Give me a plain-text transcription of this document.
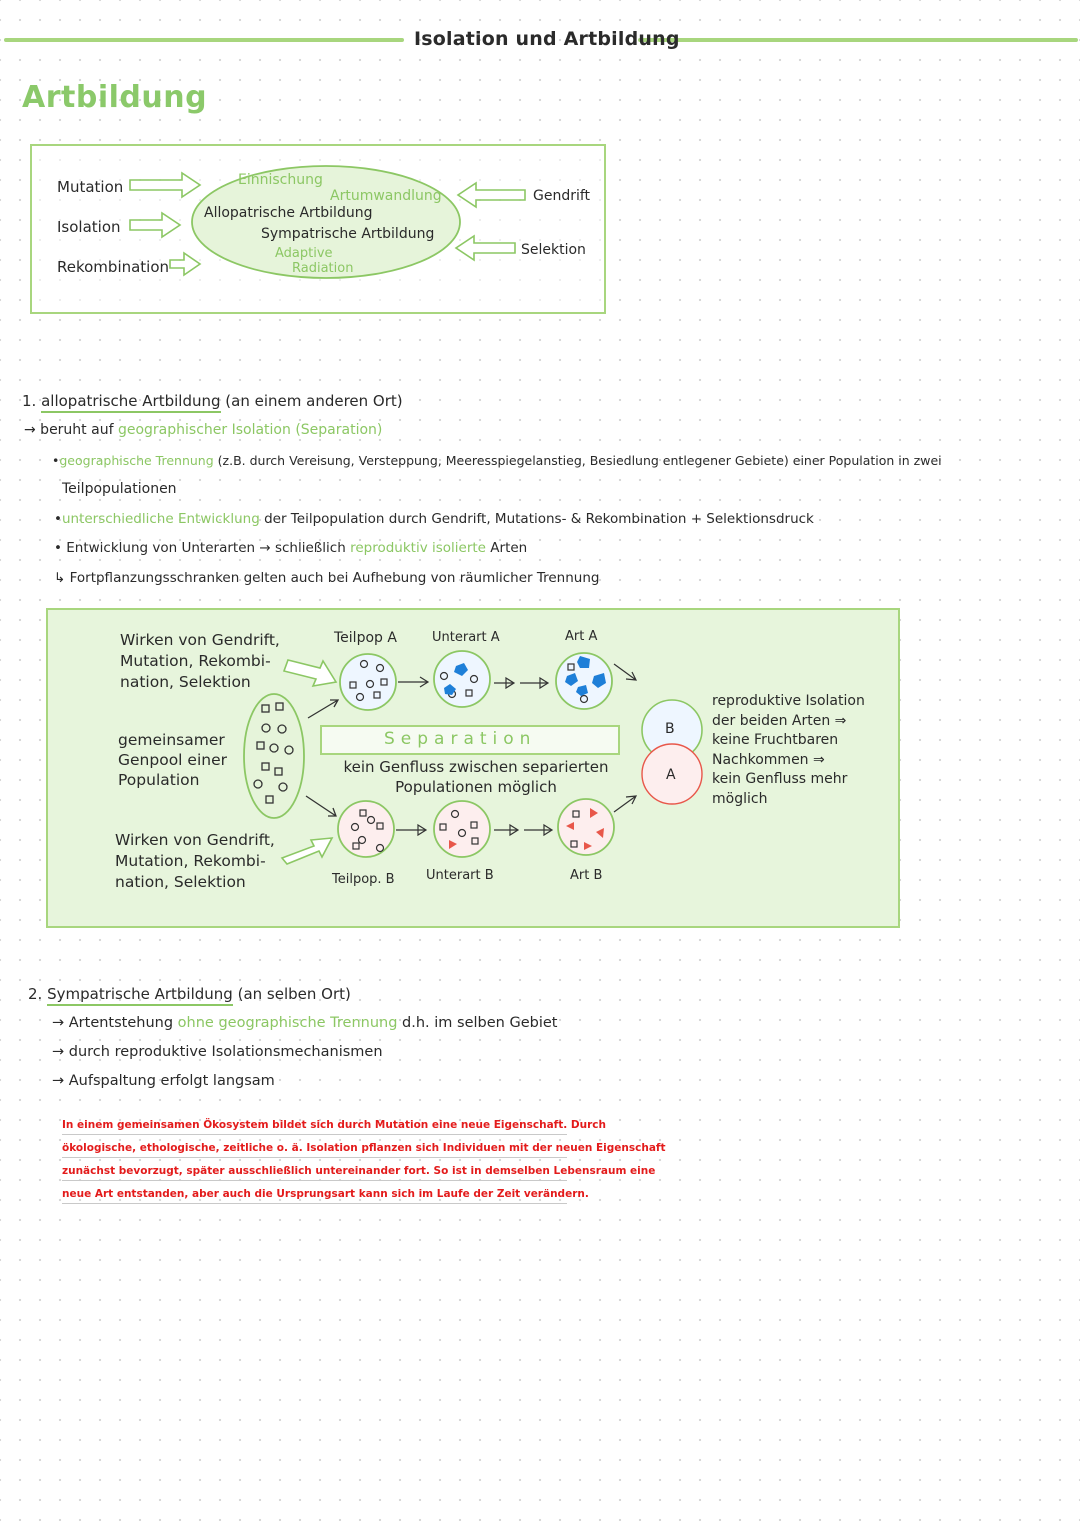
Isolation und Artbildung
Artbildung
Mutation
Isolation
Rekombination
Einnischung
Artumwandlung
Allopatrische Artbildung
Sympatrische Artbildung
Adaptive
Radiation
Gendrift
Selektion
1. allopatrische Artbildung (an einem anderen Ort)
→ beruht auf geographischer Isolation (Separation)
•geographische Trennung (z.B. durch Vereisung, Versteppung, Meeresspiegelanstieg, Besiedlung entlegener Gebiete) einer Population in zwei
Teilpopulationen
•unterschiedliche Entwicklung der Teilpopulation durch Gendrift, Mutations- & Rekombination + Selektionsdruck
• Entwicklung von Unterarten → schließlich reproduktiv isolierte Arten
↳ Fortpflanzungsschranken gelten auch bei Aufhebung von räumlicher Trennung
Wirken von Gendrift,
Mutation, Rekombi-
nation, Selektion
gemeinsamer
Genpool einer
Population
Wirken von Gendrift,
Mutation, Rekombi-
nation, Selektion
Teilpop A	Unterart A	Art A
Teilpop. B Unterart B	Art B
Separation
kein Genfluss zwischen separierten
Populationen möglich
B
A
reproduktive Isolation
der beiden Arten ⇒
keine Fruchtbaren
Nachkommen ⇒
kein Genfluss mehr
möglich
2. Sympatrische Artbildung (an selben Ort)
→ Artentstehung ohne geographische Trennung d.h. im selben Gebiet
→ durch reproduktive Isolationsmechanismen
→ Aufspaltung erfolgt langsam
In einem gemeinsamen Ökosystem bildet sich durch Mutation eine neue Eigenschaft. Durch
ökologische, ethologische, zeitliche o. ä. Isolation pflanzen sich Individuen mit der neuen Eigenschaft
zunächst bevorzugt, später ausschließlich untereinander fort. So ist in demselben Lebensraum eine
neue Art entstanden, aber auch die Ursprungsart kann sich im Laufe der Zeit verändern.
